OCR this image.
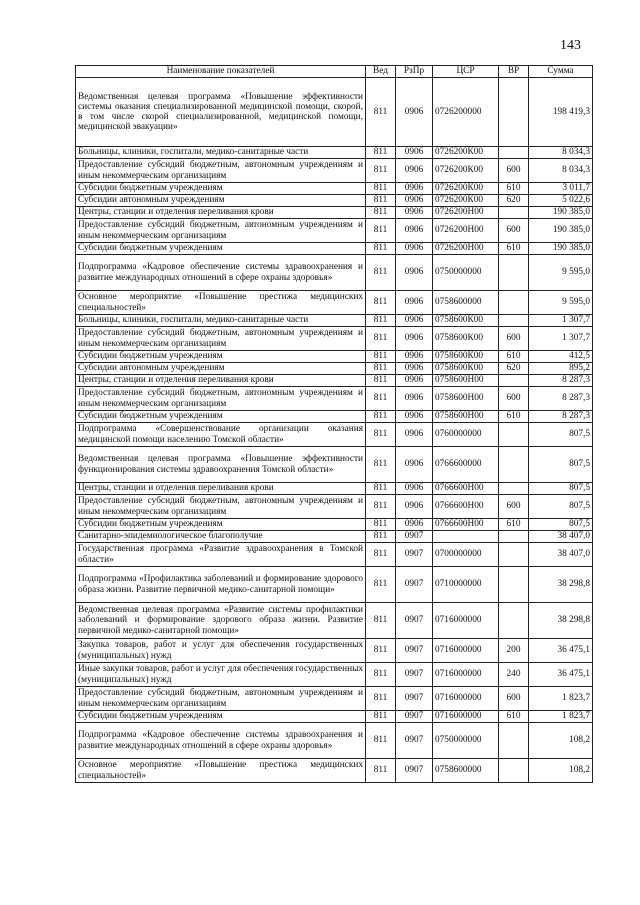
143
Наименование показателей	Вед	РзПр	ЦСР	ВР	Сумма
Ведомственная целевая программа «Повышение эффективности системы оказания специализированной медицинской помощи, скорой, в том числе скорой специализированной, медицинской помощи, медицинской эвакуации»	811	0906	0726200000		198 419,3
Больницы, клиники, госпитали, медико-санитарные части	811	0906	0726200К00		8 034,3
Предоставление субсидий бюджетным, автономным учреждениям и иным некоммерческим организациям	811	0906	0726200К00	600	8 034,3
Субсидии бюджетным учреждениям	811	0906	0726200К00	610	3 011,7
Субсидии автономным учреждениям	811	0906	0726200К00	620	5 022,6
Центры, станции и отделения переливания крови	811	0906	0726200Н00		190 385,0
Предоставление субсидий бюджетным, автономным учреждениям и иным некоммерческим организациям	811	0906	0726200Н00	600	190 385,0
Субсидии бюджетным учреждениям	811	0906	0726200Н00	610	190 385,0
Подпрограмма «Кадровое обеспечение системы здравоохранения и развитие международных отношений в сфере охраны здоровья»	811	0906	0750000000		9 595,0
Основное мероприятие «Повышение престижа медицинских специальностей»	811	0906	0758600000		9 595,0
Больницы, клиники, госпитали, медико-санитарные части	811	0906	0758600К00		1 307,7
Предоставление субсидий бюджетным, автономным учреждениям и иным некоммерческим организациям	811	0906	0758600К00	600	1 307,7
Субсидии бюджетным учреждениям	811	0906	0758600К00	610	412,5
Субсидии автономным учреждениям	811	0906	0758600К00	620	895,2
Центры, станции и отделения переливания крови	811	0906	0758600Н00		8 287,3
Предоставление субсидий бюджетным, автономным учреждениям и иным некоммерческим организациям	811	0906	0758600Н00	600	8 287,3
Субсидии бюджетным учреждениям	811	0906	0758600Н00	610	8 287,3
Подпрограмма «Совершенствование организации оказания медицинской помощи населению Томской области»	811	0906	0760000000		807,5
Ведомственная целевая программа «Повышение эффективности функционирования системы здравоохранения Томской области»	811	0906	0766600000		807,5
Центры, станции и отделения переливания крови	811	0906	0766600Н00		807,5
Предоставление субсидий бюджетным, автономным учреждениям и иным некоммерческим организациям	811	0906	0766600Н00	600	807,5
Субсидии бюджетным учреждениям	811	0906	0766600Н00	610	807,5
Санитарно-эпидемиологическое благополучие	811	0907			38 407,0
Государственная программа «Развитие здравоохранения в Томской области»	811	0907	0700000000		38 407,0
Подпрограмма «Профилактика заболеваний и формирование здорового образа жизни. Развитие первичной медико-санитарной помощи»	811	0907	0710000000		38 298,8
Ведомственная целевая программа «Развитие системы профилактики заболеваний и формирование здорового образа жизни. Развитие первичной медико-санитарной помощи»	811	0907	0716000000		38 298,8
Закупка товаров, работ и услуг для обеспечения государственных (муниципальных) нужд	811	0907	0716000000	200	36 475,1
Иные закупки товаров, работ и услуг для обеспечения государственных (муниципальных) нужд	811	0907	0716000000	240	36 475,1
Предоставление субсидий бюджетным, автономным учреждениям и иным некоммерческим организациям	811	0907	0716000000	600	1 823,7
Субсидии бюджетным учреждениям	811	0907	0716000000	610	1 823,7
Подпрограмма «Кадровое обеспечение системы здравоохранения и развитие международных отношений в сфере охраны здоровья»	811	0907	0750000000		108,2
Основное мероприятие «Повышение престижа медицинских специальностей»	811	0907	0758600000		108,2
